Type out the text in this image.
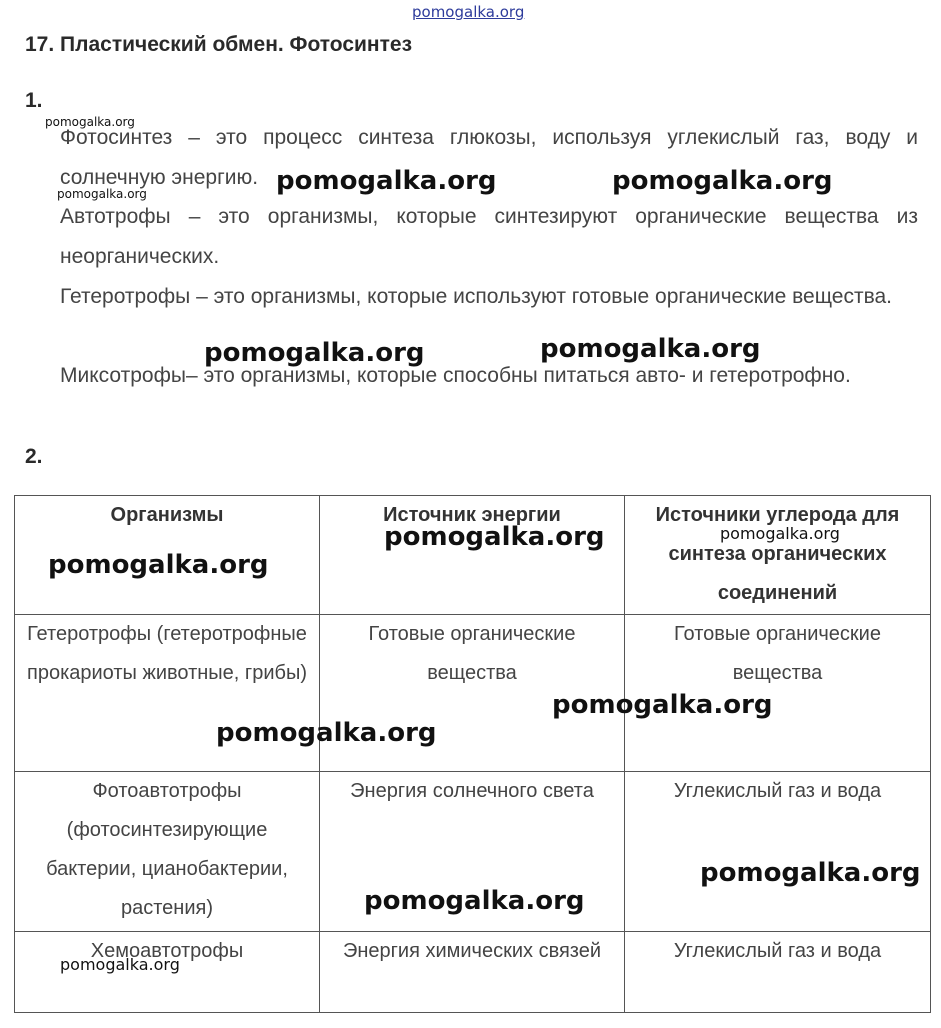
pomogalka.org
17. Пластический обмен. Фотосинтез
1.
Фотосинтез – это процесс синтеза глюкозы, используя углекислый газ, воду и солнечную энергию.
Автотрофы – это организмы, которые синтезируют органические вещества из неорганических.
Гетеротрофы – это организмы, которые используют готовые органические вещества.
Миксотрофы– это организмы, которые способны питаться авто- и гетеротрофно.
2.
Организмы	Источник энергии	Источники углерода для синтеза органических соединений
Гетеротрофы (гетеротрофные прокариоты животные, грибы)	Готовые органические вещества	Готовые органические вещества
Фотоавтотрофы (фотосинтезирующие бактерии, цианобактерии, растения)	Энергия солнечного света	Углекислый газ и вода
Хемоавтотрофы	Энергия химических связей	Углекислый газ и вода
pomogalka.org
pomogalka.org	pomogalka.org	pomogalka.org
pomogalka.org	pomogalka.org
pomogalka.org
pomogalka.org	pomogalka.org
pomogalka.org
pomogalka.org
pomogalka.org
pomogalka.org
pomogalka.org
